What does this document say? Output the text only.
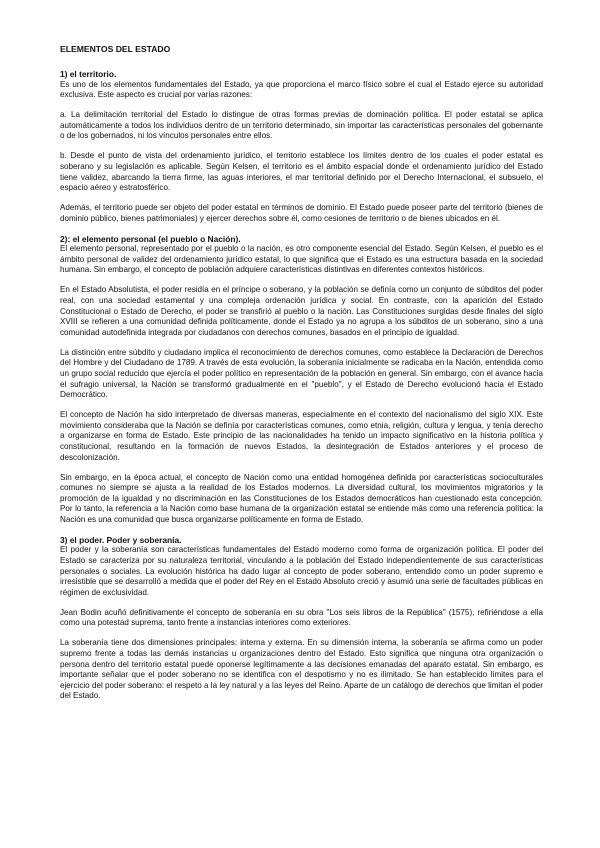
ELEMENTOS DEL ESTADO
1) el territorio.

Es uno de los elementos fundamentales del Estado, ya que proporciona el marco físico sobre el cual el Estado ejerce su autoridad exclusiva. Este aspecto es crucial por varias razones:

a. La delimitación territorial del Estado lo distingue de otras formas previas de dominación política. El poder estatal se aplica automáticamente a todos los individuos dentro de un territorio determinado, sin importar las características personales del gobernante o de los gobernados, ni los vínculos personales entre ellos.

b. Desde el punto de vista del ordenamiento jurídico, el territorio establece los límites dentro de los cuales el poder estatal es soberano y su legislación es aplicable. Según Kelsen, el territorio es el ámbito espacial donde el ordenamiento jurídico del Estado tiene validez, abarcando la tierra firme, las aguas interiores, el mar territorial definido por el Derecho Internacional, el subsuelo, el espacio aéreo y estratosférico.

Además, el territorio puede ser objeto del poder estatal en términos de dominio. El Estado puede poseer parte del territorio (bienes de dominio público, bienes patrimoniales) y ejercer derechos sobre él, como cesiones de territorio o de bienes ubicados en él.

2): el elemento personal (el pueblo o Nación).

El elemento personal, representado por el pueblo o la nación, es otro componente esencial del Estado. Según Kelsen, el pueblo es el ámbito personal de validez del ordenamiento jurídico estatal, lo que significa que el Estado es una estructura basada en la sociedad humana. Sin embargo, el concepto de población adquiere características distintivas en diferentes contextos históricos.

En el Estado Absolutista, el poder residía en el príncipe o soberano, y la población se definía como un conjunto de súbditos del poder real, con una sociedad estamental y una compleja ordenación jurídica y social. En contraste, con la aparición del Estado Constitucional o Estado de Derecho, el poder se transfirió al pueblo o la nación. Las Constituciones surgidas desde finales del siglo XVIII se refieren a una comunidad definida políticamente, donde el Estado ya no agrupa a los súbditos de un soberano, sino a una comunidad autodefinida integrada por ciudadanos con derechos comunes, basados en el principio de igualdad.

La distinción entre súbdito y ciudadano implica el reconocimiento de derechos comunes, como establece la Declaración de Derechos del Hombre y del Ciudadano de 1789. A través de esta evolución, la soberanía inicialmente se radicaba en la Nación, entendida como un grupo social reducido que ejercía el poder político en representación de la población en general. Sin embargo, con el avance hacia el sufragio universal, la Nación se transformó gradualmente en el "pueblo", y el Estado de Derecho evolucionó hacia el Estado Democrático.

El concepto de Nación ha sido interpretado de diversas maneras, especialmente en el contexto del nacionalismo del siglo XIX. Este movimiento consideraba que la Nación se definía por características comunes, como etnia, religión, cultura y lengua, y tenía derecho a organizarse en forma de Estado. Este principio de las nacionalidades ha tenido un impacto significativo en la historia política y constitucional, resultando en la formación de nuevos Estados, la desintegración de Estados anteriores y el proceso de descolonización.

Sin embargo, en la época actual, el concepto de Nación como una entidad homogénea definida por características socioculturales comunes no siempre se ajusta a la realidad de los Estados modernos. La diversidad cultural, los movimientos migratorios y la promoción de la igualdad y no discriminación en las Constituciones de los Estados democráticos han cuestionado esta concepción. Por lo tanto, la referencia a la Nación como base humana de la organización estatal se entiende más como una referencia política: la Nación es una comunidad que busca organizarse políticamente en forma de Estado.

3) el poder. Poder y soberanía.

El poder y la soberanía son características fundamentales del Estado moderno como forma de organización política. El poder del Estado se caracteriza por su naturaleza territorial, vinculando a la población del Estado independientemente de sus características personales o sociales. La evolución histórica ha dado lugar al concepto de poder soberano, entendido como un poder supremo e irresistible que se desarrolló a medida que el poder del Rey en el Estado Absoluto creció y asumió una serie de facultades públicas en régimen de exclusividad.

Jean Bodin acuñó definitivamente el concepto de soberanía en su obra "Los seis libros de la República" (1575), refiriéndose a ella como una potestad suprema, tanto frente a instancias interiores como exteriores.

La soberanía tiene dos dimensiones principales: interna y externa. En su dimensión interna, la soberanía se afirma como un poder supremo frente a todas las demás instancias u organizaciones dentro del Estado. Esto significa que ninguna otra organización o persona dentro del territorio estatal puede oponerse legítimamente a las decisiones emanadas del aparato estatal. Sin embargo, es importante señalar que el poder soberano no se identifica con el despotismo y no es ilimitado. Se han establecido límites para el ejercicio del poder soberano: el respeto a la ley natural y a las leyes del Reino. Aparte de un catálogo de derechos que limitan el poder del Estado.
